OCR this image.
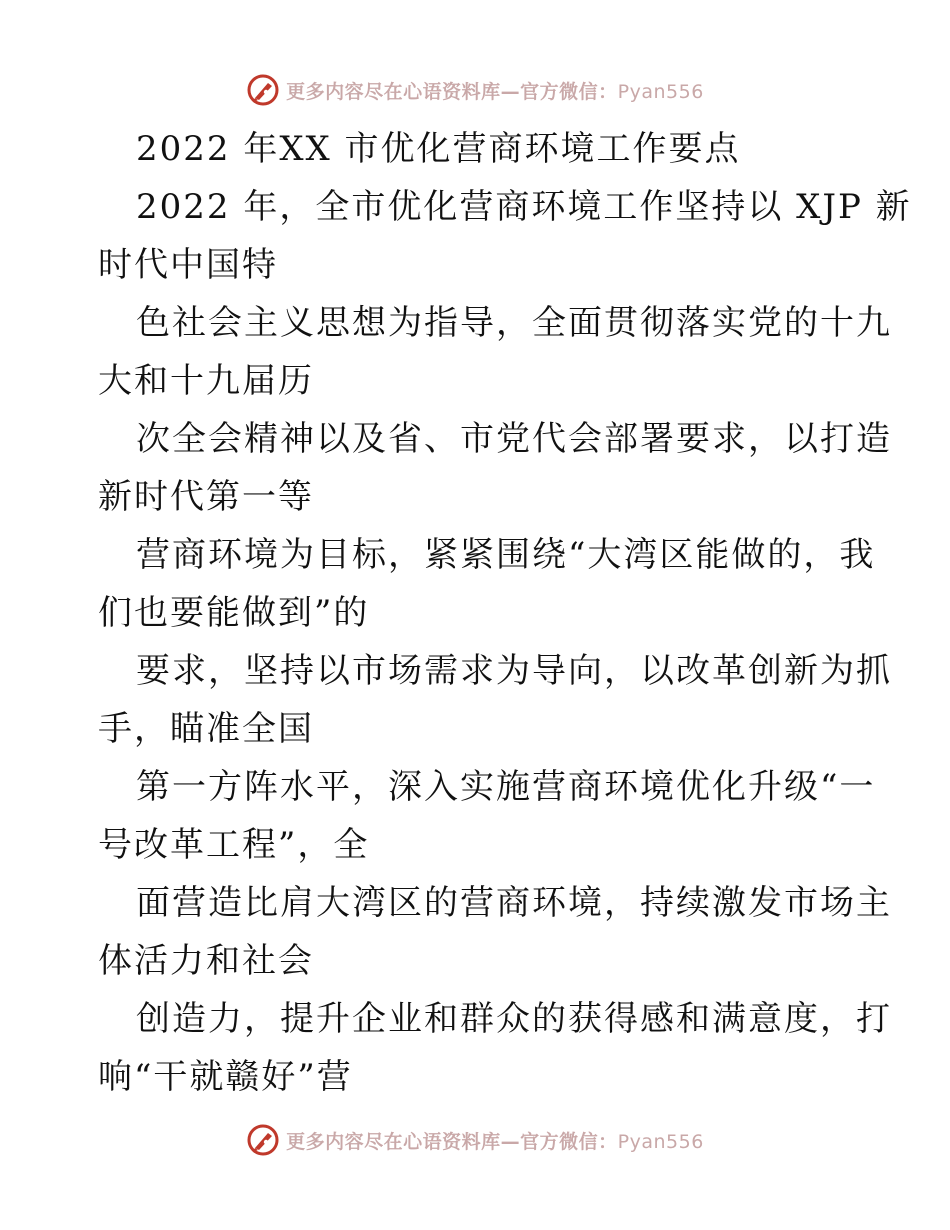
更多内容尽在心语资料库—官方微信：Pyan556
2022 年XX 市优化营商环境工作要点
2022 年，全市优化营商环境工作坚持以 XJP 新
时代中国特
色社会主义思想为指导，全面贯彻落实党的十九
大和十九届历
次全会精神以及省、市党代会部署要求，以打造
新时代第一等
营商环境为目标，紧紧围绕“大湾区能做的，我
们也要能做到”的
要求，坚持以市场需求为导向，以改革创新为抓
手，瞄准全国
第一方阵水平，深入实施营商环境优化升级“一
号改革工程”，全
面营造比肩大湾区的营商环境，持续激发市场主
体活力和社会
创造力，提升企业和群众的获得感和满意度，打
响“干就赣好”营
更多内容尽在心语资料库—官方微信：Pyan556
